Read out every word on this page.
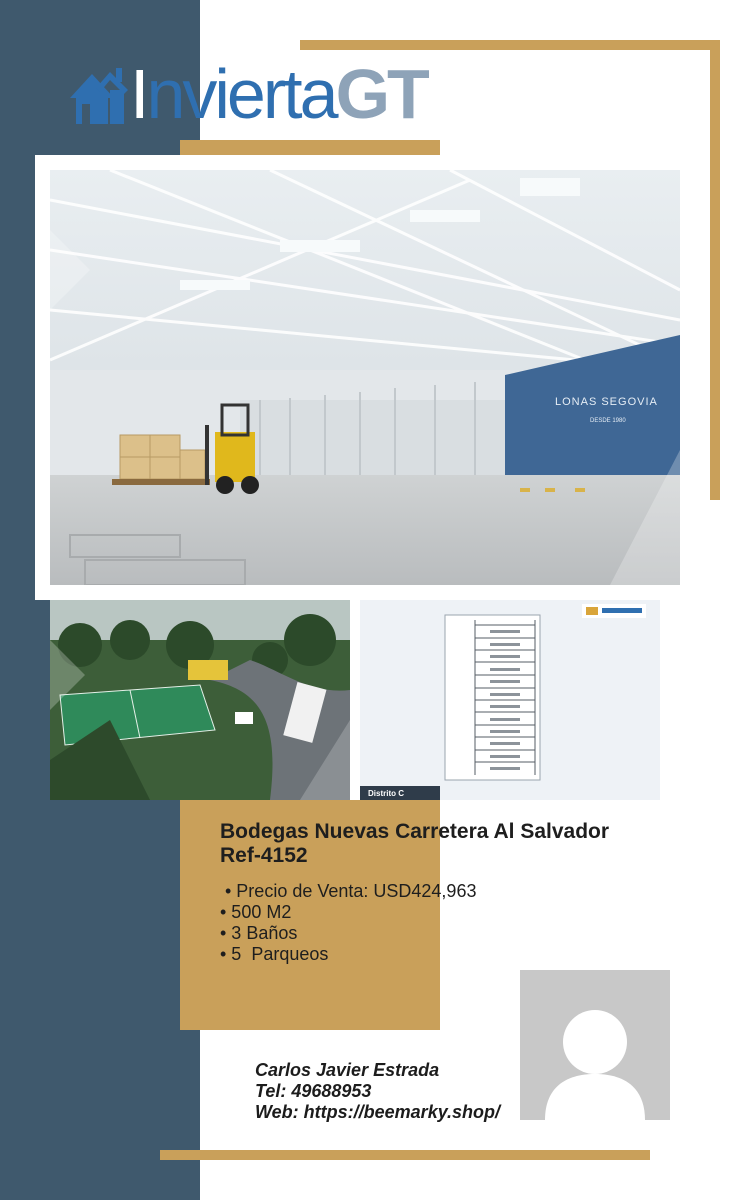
InviertaGT
LONAS SEGOVIA
DESDE 1980
Distrito C
Bodegas Nuevas Carretera Al Salvador
Ref-4152
• Precio de Venta: USD424,963
• 500 M2
• 3 Baños
• 5  Parqueos
Carlos Javier Estrada
Tel: 49688953
Web: https://beemarky.shop/
